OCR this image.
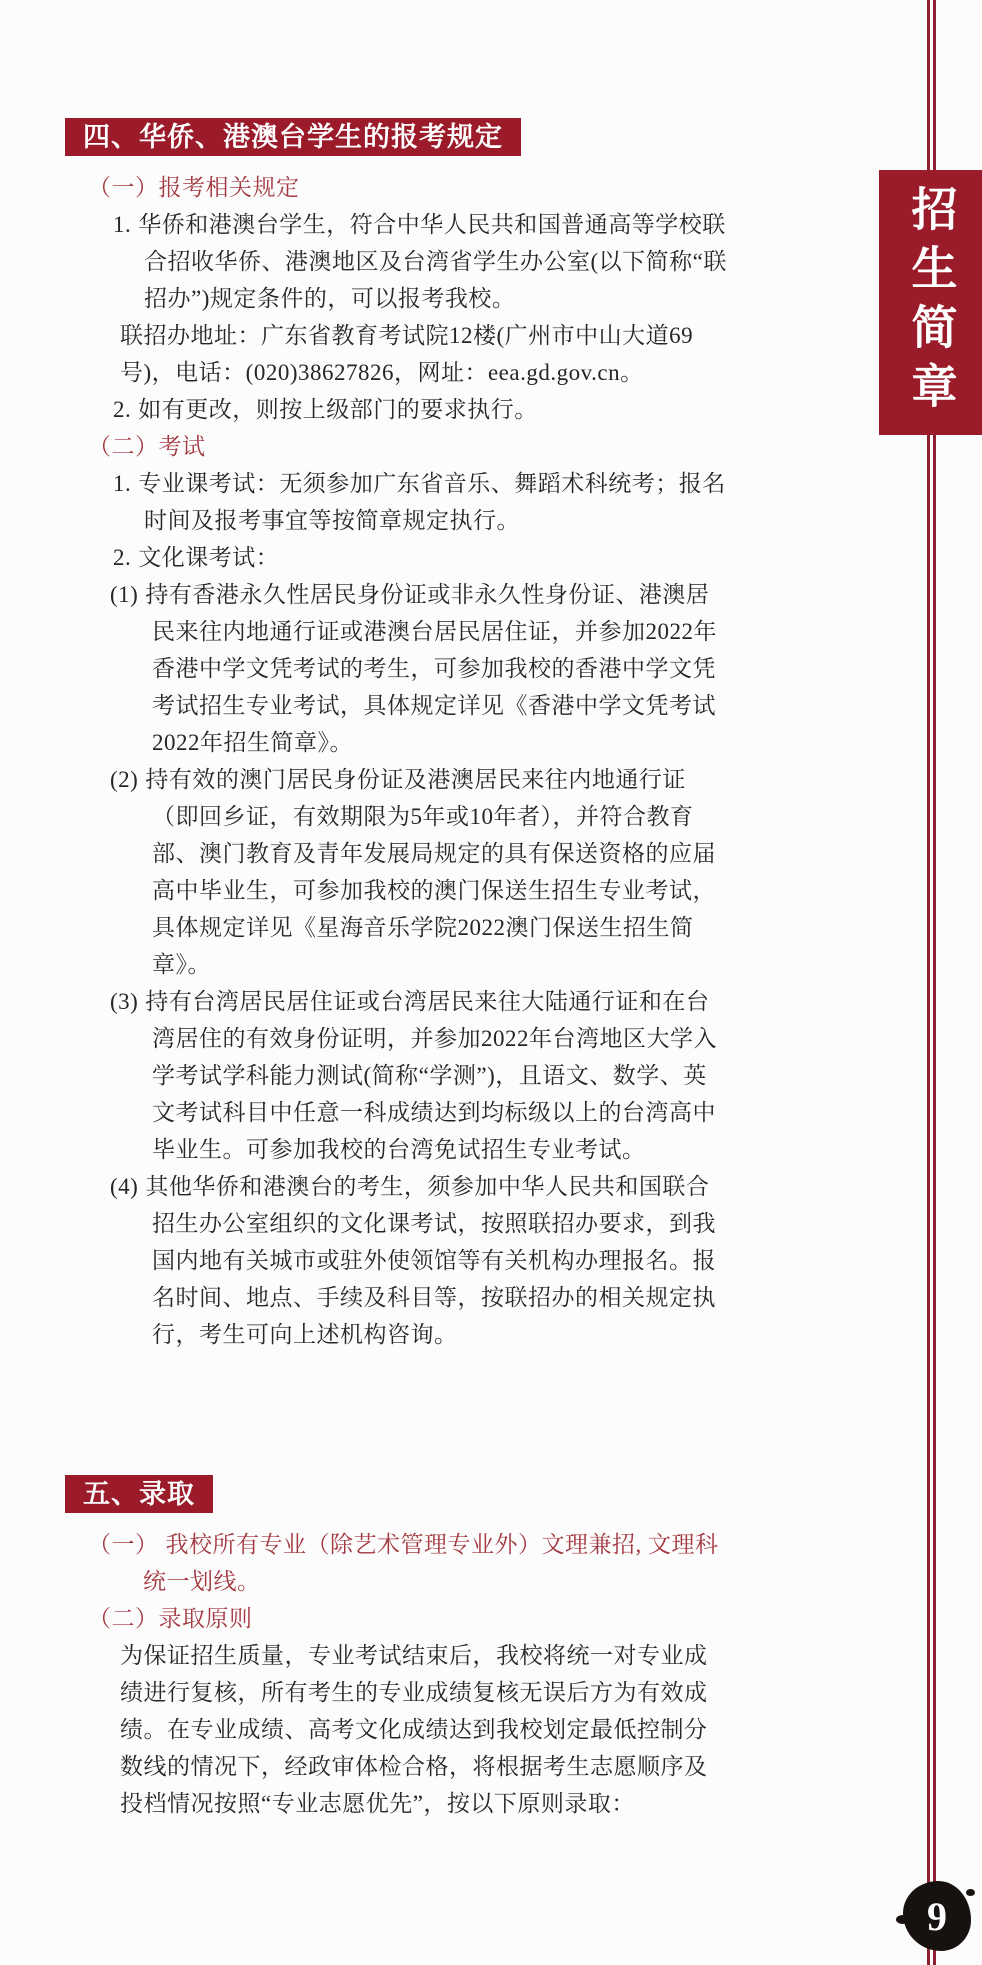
招生简章
9
四、华侨、港澳台学生的报考规定
（一）报考相关规定
1. 华侨和港澳台学生，符合中华人民共和国普通高等学校联合招收华侨、港澳地区及台湾省学生办公室(以下简称“联招办”)规定条件的，可以报考我校。
联招办地址：广东省教育考试院12楼(广州市中山大道69号)，电话：(020)38627826，网址：eea.gd.gov.cn。
2. 如有更改，则按上级部门的要求执行。
（二）考试
1. 专业课考试：无须参加广东省音乐、舞蹈术科统考；报名时间及报考事宜等按简章规定执行。
2. 文化课考试：
(1) 持有香港永久性居民身份证或非永久性身份证、港澳居民来往内地通行证或港澳台居民居住证，并参加2022年香港中学文凭考试的考生，可参加我校的香港中学文凭考试招生专业考试，具体规定详见《香港中学文凭考试2022年招生简章》。
(2) 持有效的澳门居民身份证及港澳居民来往内地通行证（即回乡证，有效期限为5年或10年者），并符合教育部、澳门教育及青年发展局规定的具有保送资格的应届高中毕业生，可参加我校的澳门保送生招生专业考试，具体规定详见《星海音乐学院2022澳门保送生招生简章》。
(3) 持有台湾居民居住证或台湾居民来往大陆通行证和在台湾居住的有效身份证明，并参加2022年台湾地区大学入学考试学科能力测试(简称“学测”)，且语文、数学、英文考试科目中任意一科成绩达到均标级以上的台湾高中毕业生。可参加我校的台湾免试招生专业考试。
(4) 其他华侨和港澳台的考生，须参加中华人民共和国联合招生办公室组织的文化课考试，按照联招办要求，到我国内地有关城市或驻外使领馆等有关机构办理报名。报名时间、地点、手续及科目等，按联招办的相关规定执行，考生可向上述机构咨询。
五、录取
（一） 我校所有专业（除艺术管理专业外）文理兼招, 文理科统一划线。
（二）录取原则
为保证招生质量，专业考试结束后，我校将统一对专业成绩进行复核，所有考生的专业成绩复核无误后方为有效成绩。在专业成绩、高考文化成绩达到我校划定最低控制分数线的情况下，经政审体检合格，将根据考生志愿顺序及投档情况按照“专业志愿优先”，按以下原则录取：
